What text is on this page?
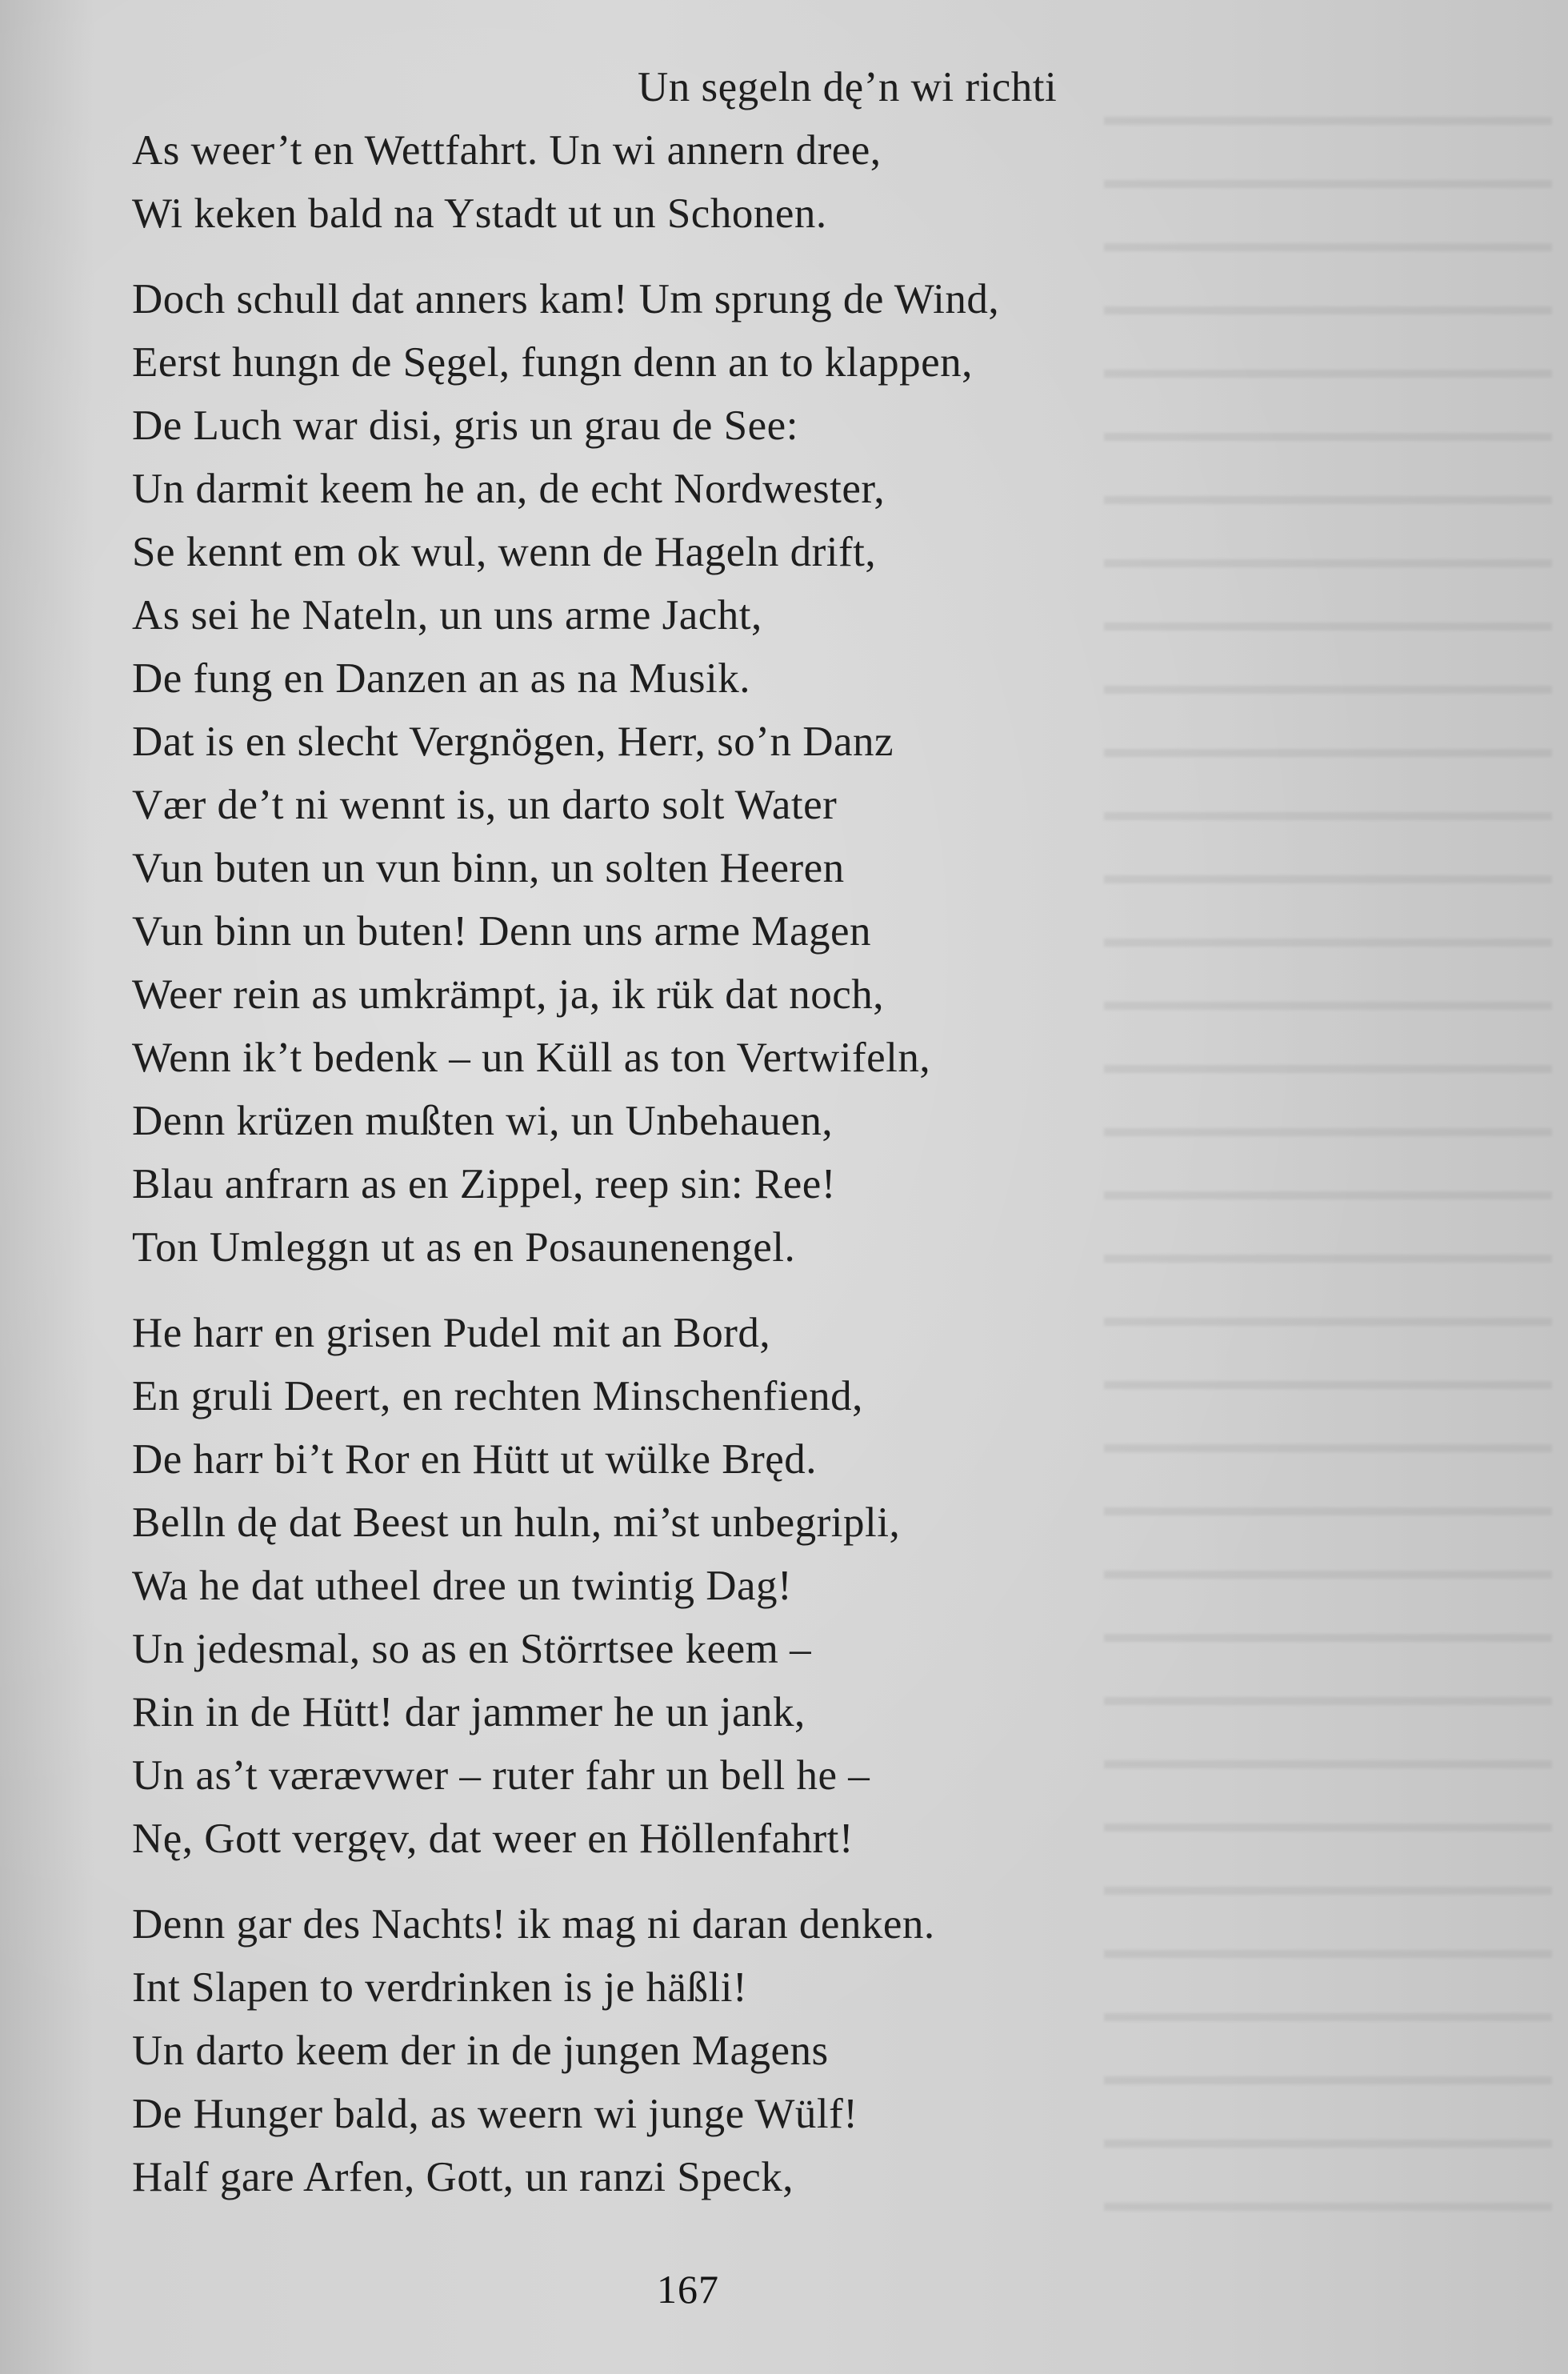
Un sęgeln dę’n wi richti
As weer’t en Wettfahrt. Un wi annern dree,
Wi keken bald na Ystadt ut un Schonen.
Doch schull dat anners kam! Um sprung de Wind,
Eerst hungn de Sęgel, fungn denn an to klappen,
De Luch war disi, gris un grau de See:
Un darmit keem he an, de echt Nordwester,
Se kennt em ok wul, wenn de Hageln drift,
As sei he Nateln, un uns arme Jacht,
De fung en Danzen an as na Musik.
Dat is en slecht Vergnögen, Herr, so’n Danz
Vær de’t ni wennt is, un darto solt Water
Vun buten un vun binn, un solten Heeren
Vun binn un buten! Denn uns arme Magen
Weer rein as umkrämpt, ja, ik rük dat noch,
Wenn ik’t bedenk – un Küll as ton Vertwifeln,
Denn krüzen mußten wi, un Unbehauen,
Blau anfrarn as en Zippel, reep sin: Ree!
Ton Umleggn ut as en Posaunenengel.
He harr en grisen Pudel mit an Bord,
En gruli Deert, en rechten Minschenfiend,
De harr bi’t Ror en Hütt ut wülke Bręd.
Belln dę dat Beest un huln, mi’st unbegripli,
Wa he dat utheel dree un twintig Dag!
Un jedesmal, so as en Störrtsee keem –
Rin in de Hütt! dar jammer he un jank,
Un as’t værævwer – ruter fahr un bell he –
Nę, Gott vergęv, dat weer en Höllenfahrt!
Denn gar des Nachts! ik mag ni daran denken.
Int Slapen to verdrinken is je häßli!
Un darto keem der in de jungen Magens
De Hunger bald, as weern wi junge Wülf!
Half gare Arfen, Gott, un ranzi Speck,
167
